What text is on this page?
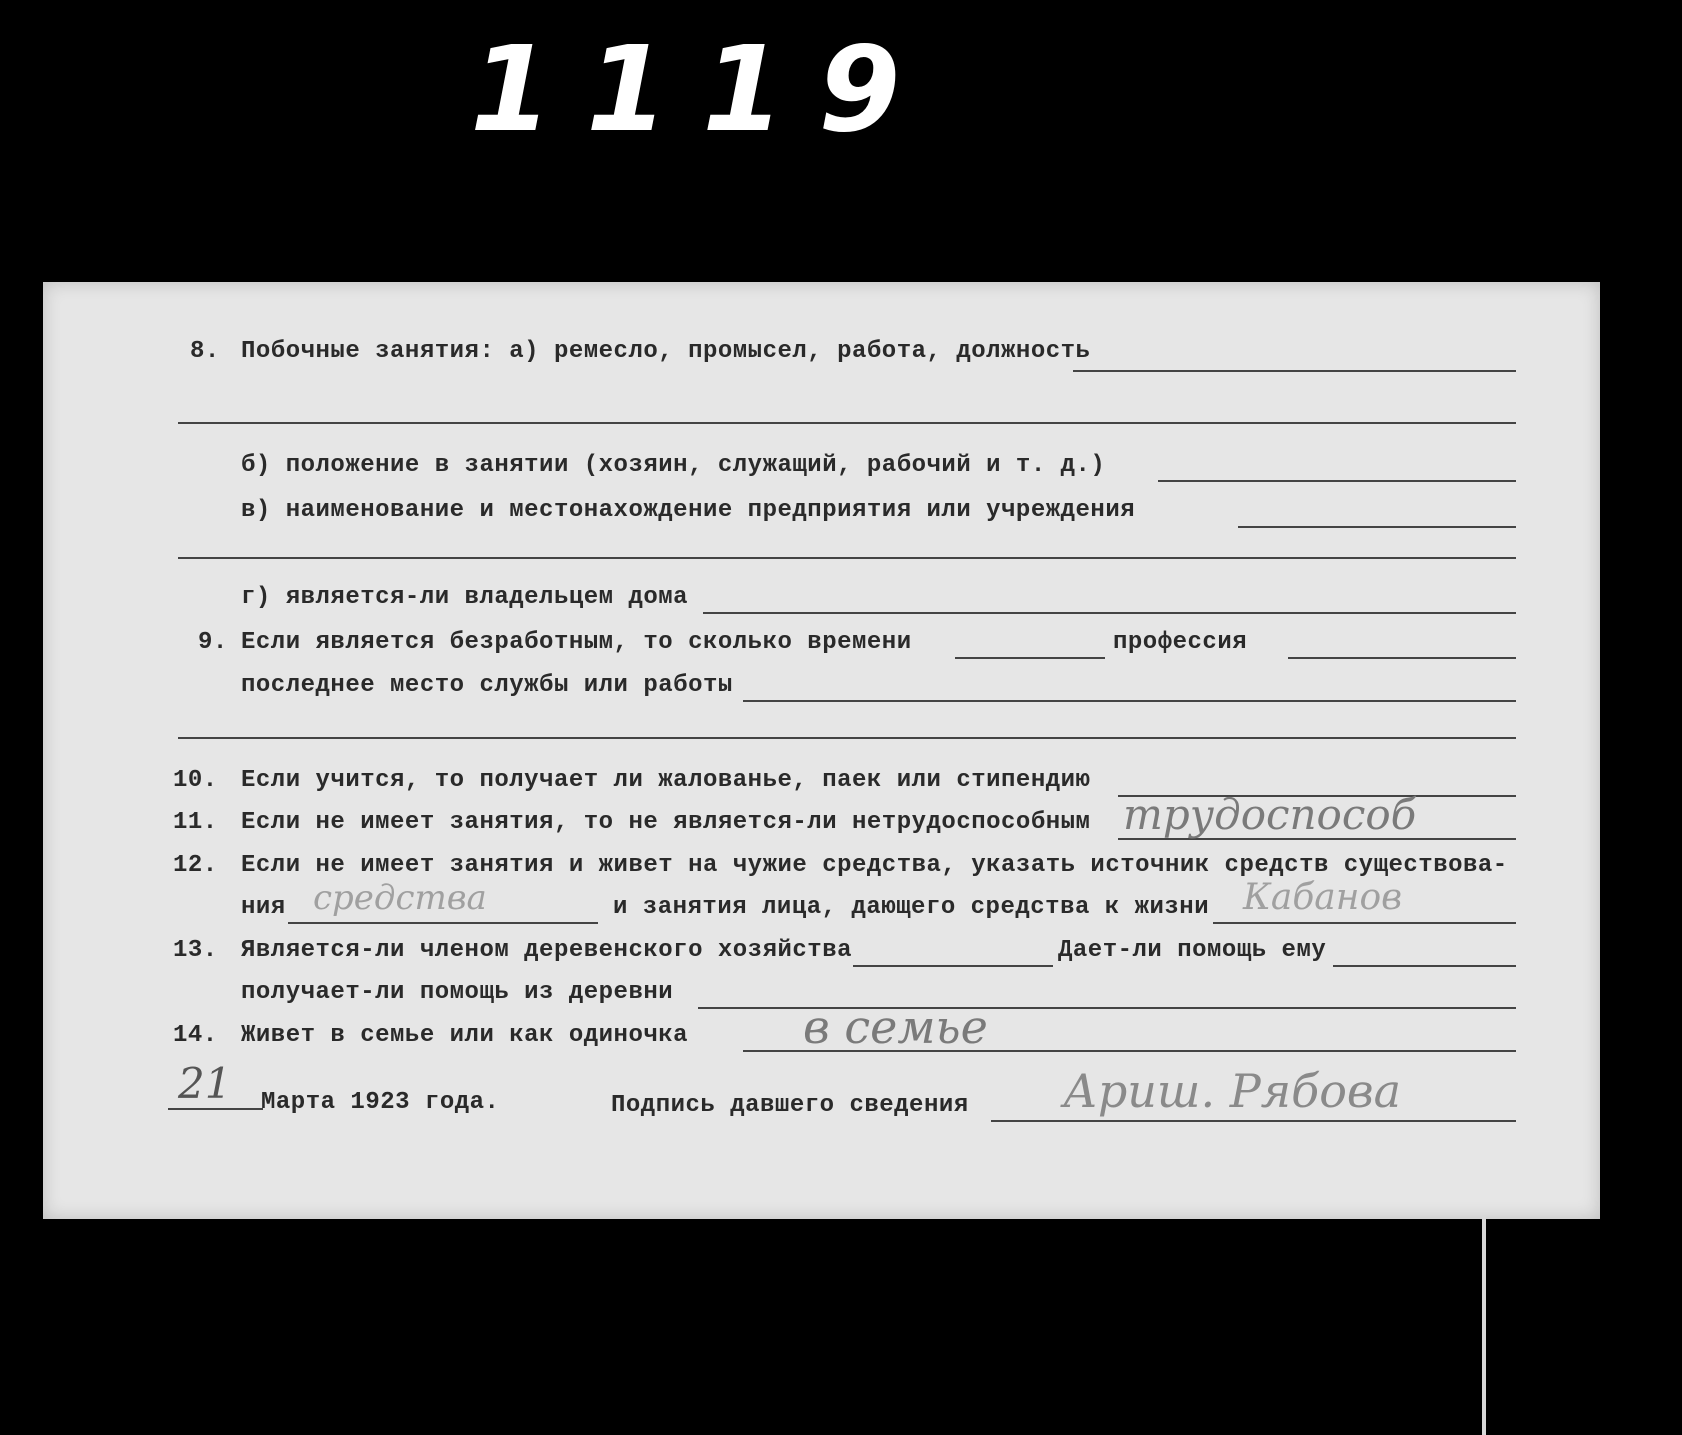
1119
8. Побочные занятия: а) ремесло, промысел, работа, должность
б) положение в занятии (хозяин, служащий, рабочий и т. д.)
в) наименование и местонахождение предприятия или учреждения
г) является-ли владельцем дома
9. Если является безработным, то сколько времени	профессия
последнее место службы или работы
10. Если учится, то получает ли жалованье, паек или стипендию
11. Если не имеет занятия, то не является-ли нетрудоспособным трудоспособ
12. Если не имеет занятия и живет на чужие средства, указать источник средств существова-
ния средства	и занятия лица, дающего средства к жизни Кабанов
13. Является-ли членом деревенского хозяйства	Дает-ли помощь ему
получает-ли помощь из деревни
14. Живет в семье или как одиночка в семье
21 Марта 1923 года.	Подпись давшего сведения Ариш. Рябова
